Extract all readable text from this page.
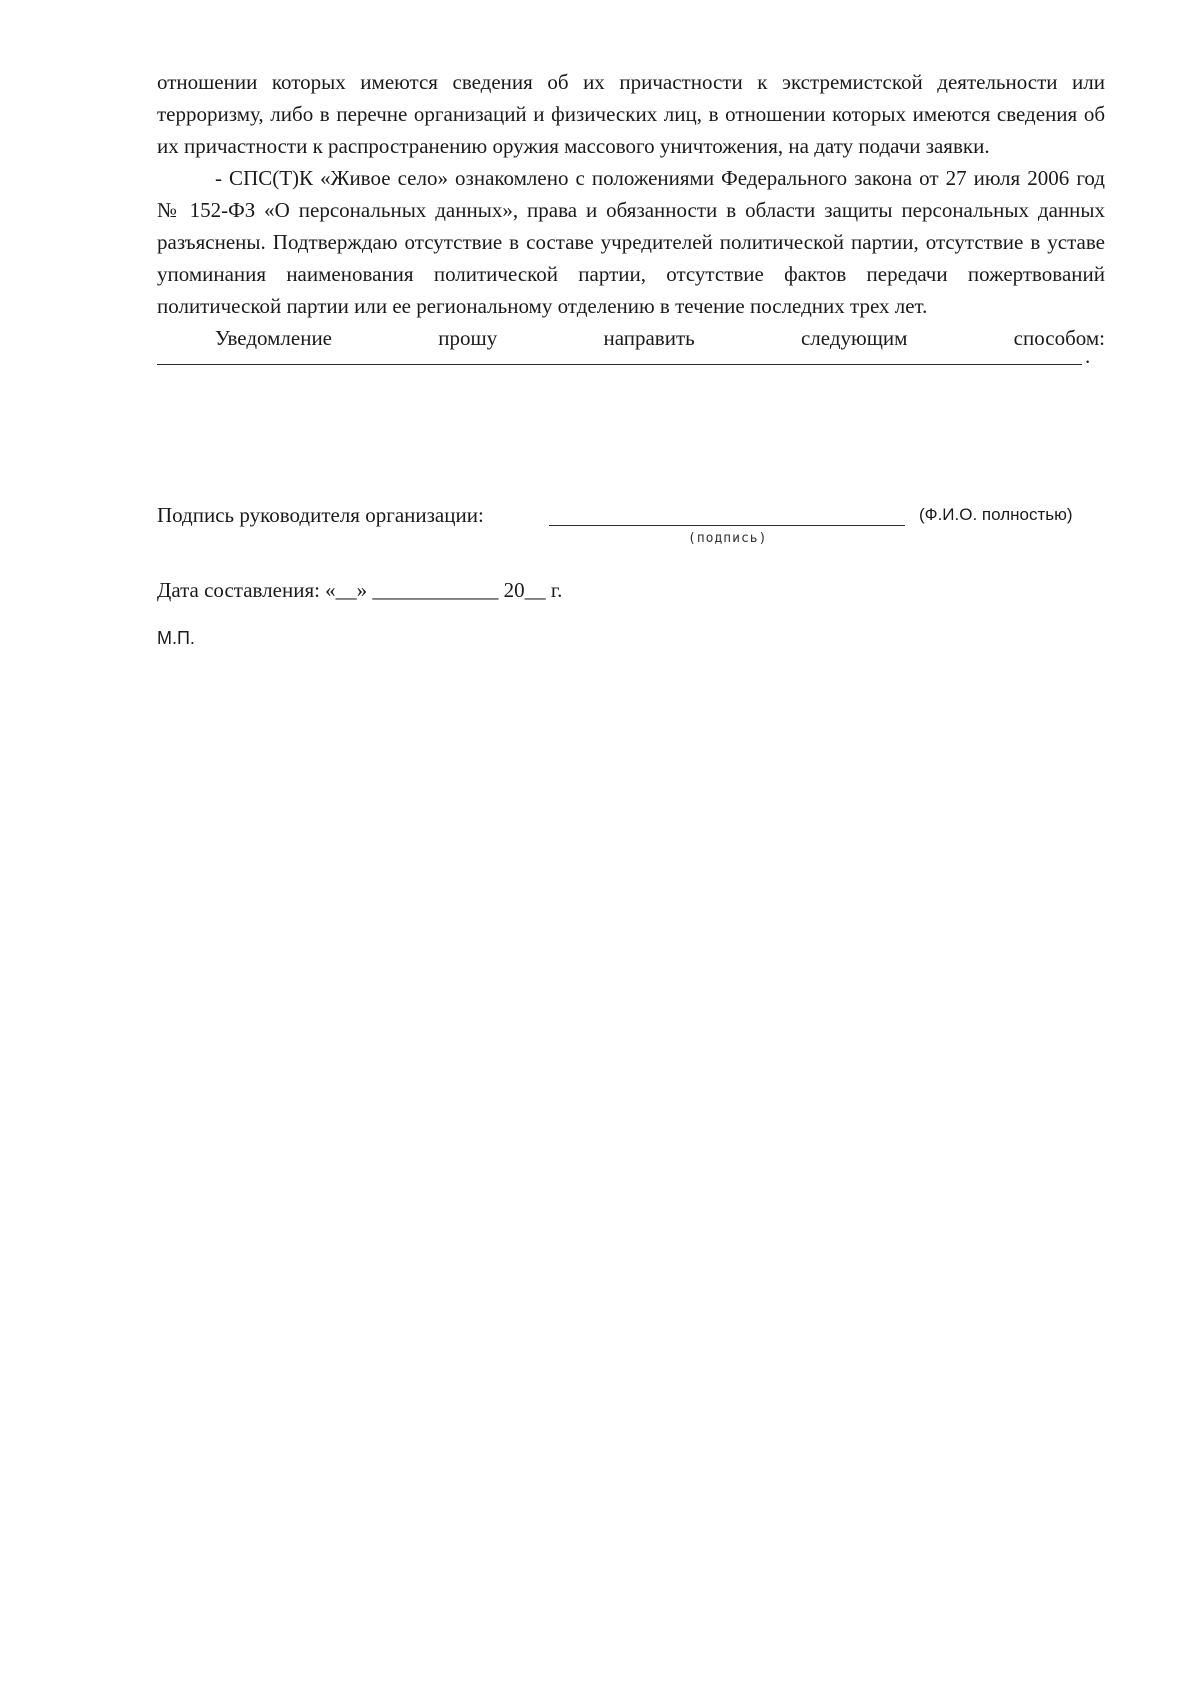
отношении которых имеются сведения об их причастности к экстремистской деятельности или терроризму, либо в перечне организаций и физических лиц, в отношении которых имеются сведения об их причастности к распространению оружия массового уничтожения, на дату подачи заявки.

- СПС(Т)К «Живое село» ознакомлено с положениями Федерального закона от 27 июля 2006 год № 152-ФЗ «О персональных данных», права и обязанности в области защиты персональных данных разъяснены. Подтверждаю отсутствие в составе учредителей политической партии, отсутствие в уставе упоминания наименования политической партии, отсутствие фактов передачи пожертвований политической партии или ее региональному отделению в течение последних трех лет.

Уведомление	прошу	направить	следующим	способом:
.
Подпись руководителя организации:	(Ф.И.О. полностью)
(подпись)
Дата составления: «__» ____________ 20__ г.
М.П.
